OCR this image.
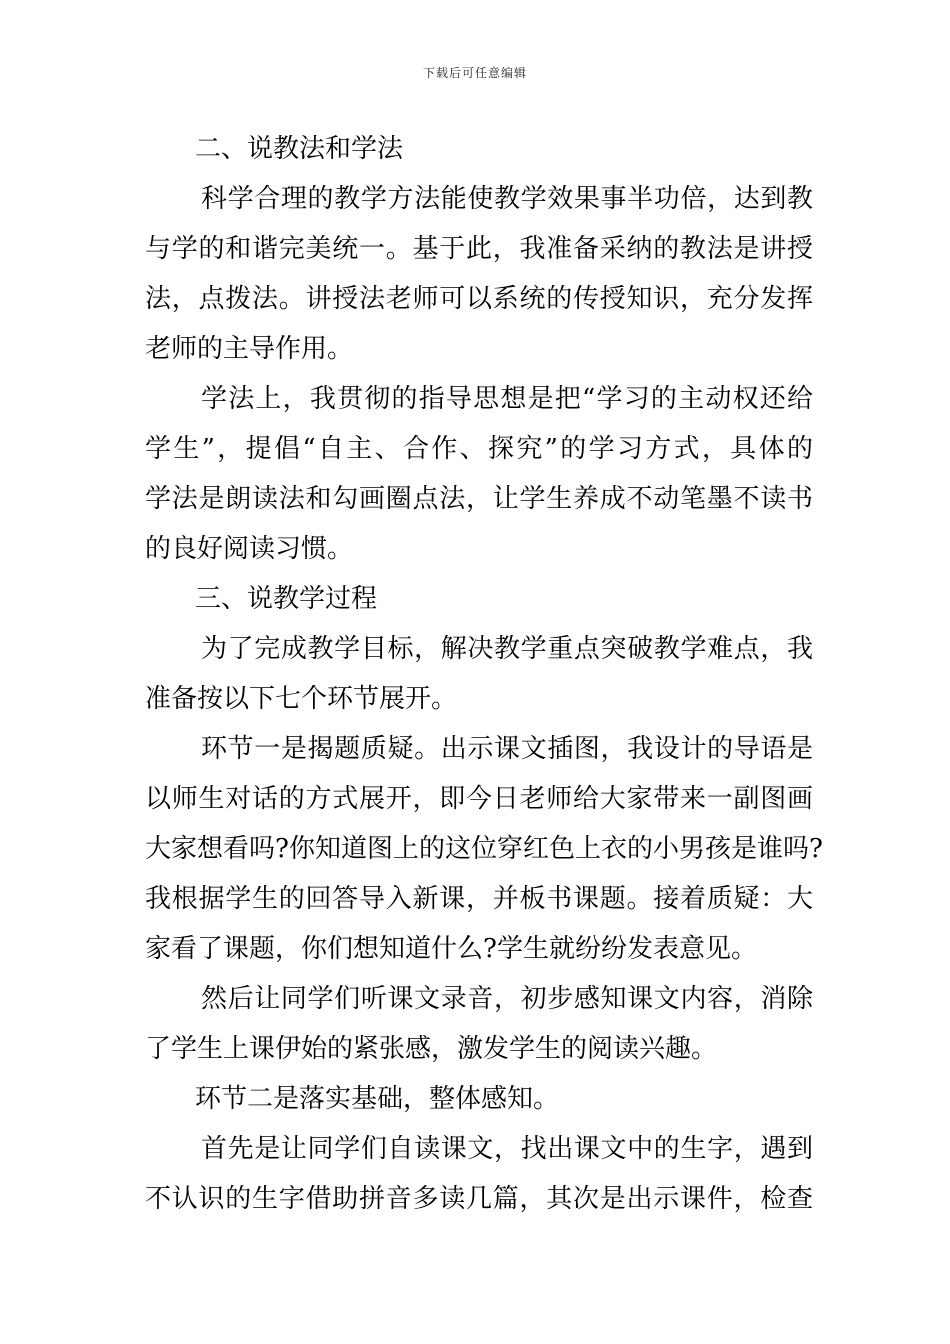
下载后可任意编辑
二、说教法和学法
科学合理的教学方法能使教学效果事半功倍，达到教
与学的和谐完美统一。基于此，我准备采纳的教法是讲授
法，点拨法。讲授法老师可以系统的传授知识，充分发挥
老师的主导作用。
学法上，我贯彻的指导思想是把“学习的主动权还给
学生”，提倡“自主、合作、探究”的学习方式，具体的
学法是朗读法和勾画圈点法，让学生养成不动笔墨不读书
的良好阅读习惯。
三、说教学过程
为了完成教学目标，解决教学重点突破教学难点，我
准备按以下七个环节展开。
环节一是揭题质疑。出示课文插图，我设计的导语是
以师生对话的方式展开，即今日老师给大家带来一副图画
大家想看吗?你知道图上的这位穿红色上衣的小男孩是谁吗?
我根据学生的回答导入新课，并板书课题。接着质疑：大
家看了课题，你们想知道什么?学生就纷纷发表意见。
然后让同学们听课文录音，初步感知课文内容，消除
了学生上课伊始的紧张感，激发学生的阅读兴趣。
环节二是落实基础，整体感知。
首先是让同学们自读课文，找出课文中的生字，遇到
不认识的生字借助拼音多读几篇，其次是出示课件，检查
